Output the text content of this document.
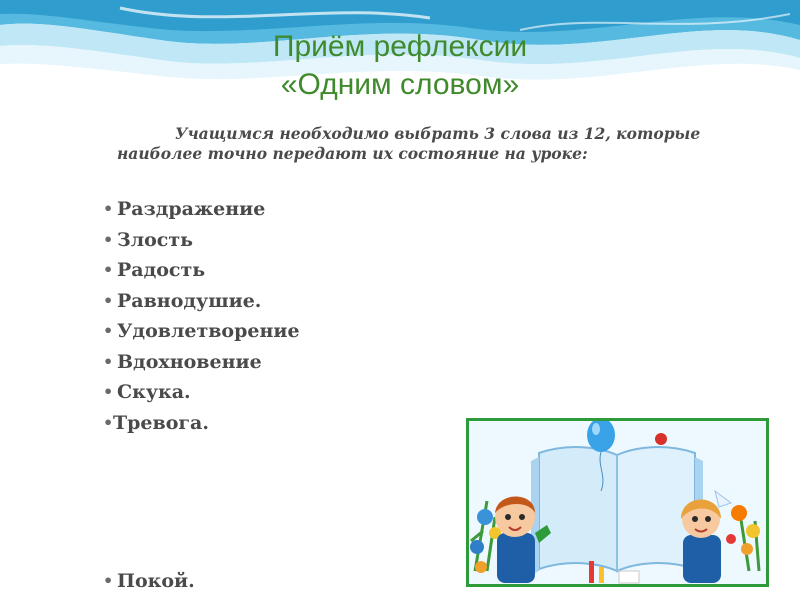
Приём рефлексии
«Одним словом»
Учащимся необходимо выбрать 3 слова из 12, которые наиболее точно передают их состояние на уроке:
• Раздражение
• Злость
• Радость
• Равнодушие.
• Удовлетворение
• Вдохновение
• Скука.
• Тревога.
• Покой.
